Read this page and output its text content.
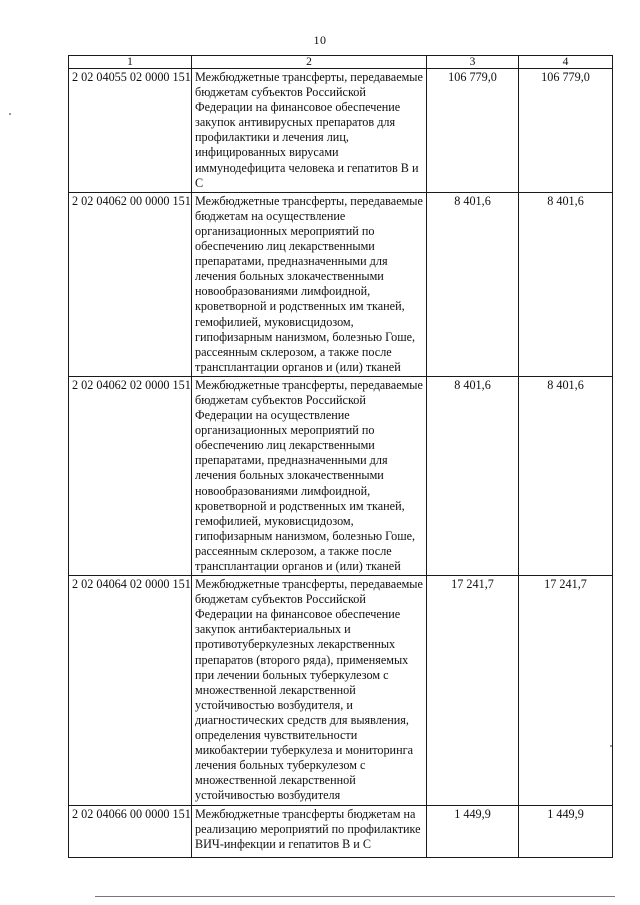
10
1	2	3	4
2 02 04055 02 0000 151	Межбюджетные трансферты, передаваемые бюджетам субъектов Российской Федерации на финансовое обеспечение закупок антивирусных препаратов для профилактики и лечения лиц, инфицированных вирусами иммунодефицита человека и гепатитов В и С	106 779,0	106 779,0
2 02 04062 00 0000 151	Межбюджетные трансферты, передаваемые бюджетам на осуществление организационных мероприятий по обеспечению лиц лекарственными препаратами, предназначенными для лечения больных злокачественными новообразованиями лимфоидной, кроветворной и родственных им тканей, гемофилией, муковисцидозом, гипофизарным нанизмом, болезнью Гоше, рассеянным склерозом, а также после трансплантации органов и (или) тканей	8 401,6	8 401,6
2 02 04062 02 0000 151	Межбюджетные трансферты, передаваемые бюджетам субъектов Российской Федерации на осуществление организационных мероприятий по обеспечению лиц лекарственными препаратами, предназначенными для лечения больных злокачественными новообразованиями лимфоидной, кроветворной и родственных им тканей, гемофилией, муковисцидозом, гипофизарным нанизмом, болезнью Гоше, рассеянным склерозом, а также после трансплантации органов и (или) тканей	8 401,6	8 401,6
2 02 04064 02 0000 151	Межбюджетные трансферты, передаваемые бюджетам субъектов Российской Федерации на финансовое обеспечение закупок антибактериальных и противотуберкулезных лекарственных препаратов (второго ряда), применяемых при лечении больных туберкулезом с множественной лекарственной устойчивостью возбудителя, и диагностических средств для выявления, определения чувствительности микобактерии туберкулеза и мониторинга лечения больных туберкулезом с множественной лекарственной устойчивостью возбудителя	17 241,7	17 241,7
2 02 04066 00 0000 151	Межбюджетные трансферты бюджетам на реализацию мероприятий по профилактике ВИЧ-инфекции и гепатитов В и С	1 449,9	1 449,9
